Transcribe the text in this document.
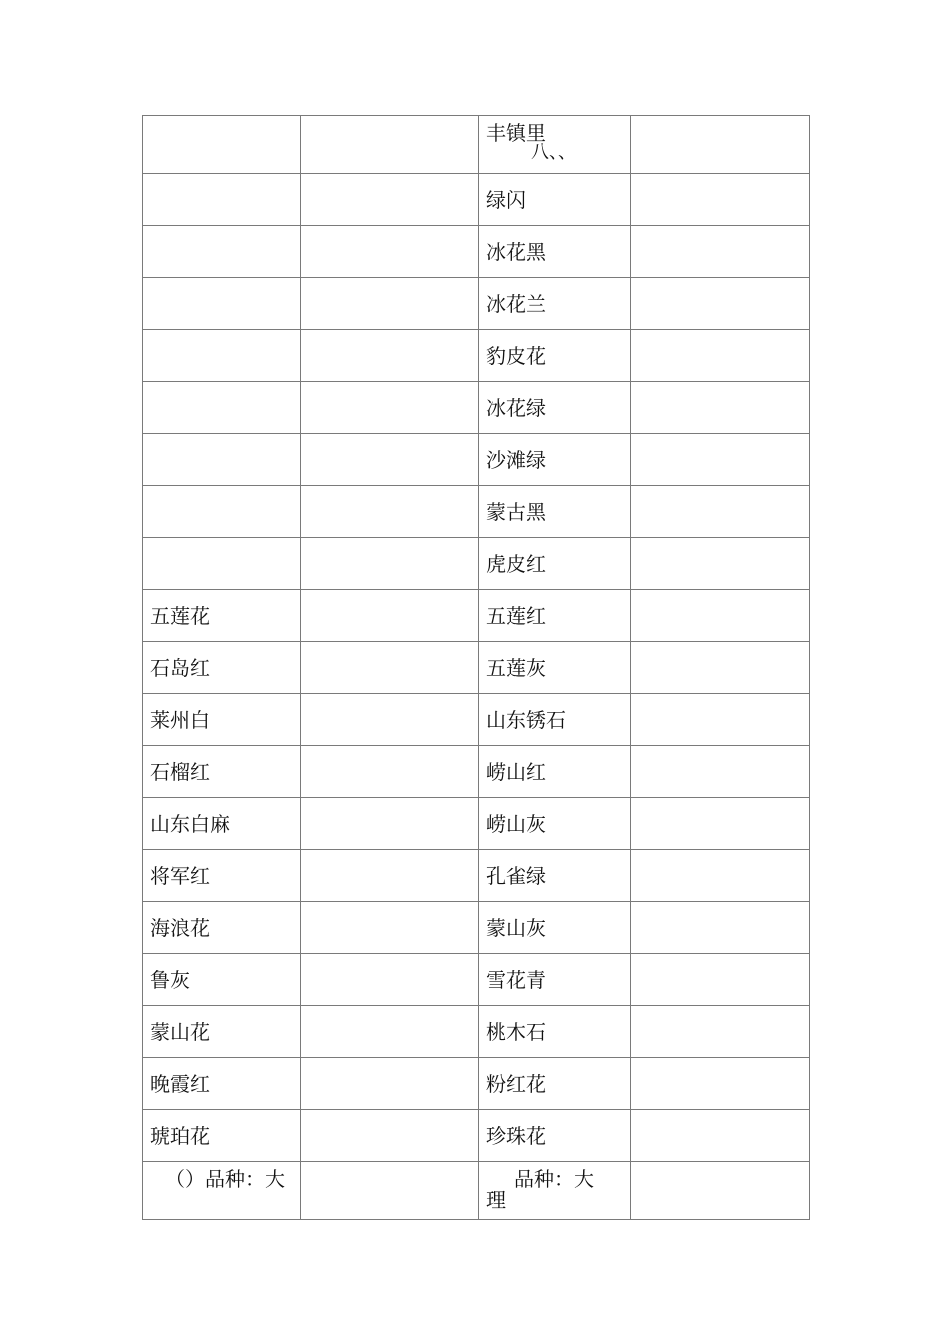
		丰镇里
八、、	

		绿闪	
		冰花黑	
		冰花兰	
		豹皮花	
		冰花绿	
		沙滩绿	
		蒙古黑	
		虎皮红	
五莲花		五莲红	
石岛红		五莲灰	
莱州白		山东锈石	
石榴红		崂山红	
山东白麻		崂山灰	
将军红		孔雀绿	
海浪花		蒙山灰	
鲁灰		雪花青	
蒙山花		桃木石	
晚霞红		粉红花	
琥珀花		珍珠花	
（）品种：大		品种：大
理	
